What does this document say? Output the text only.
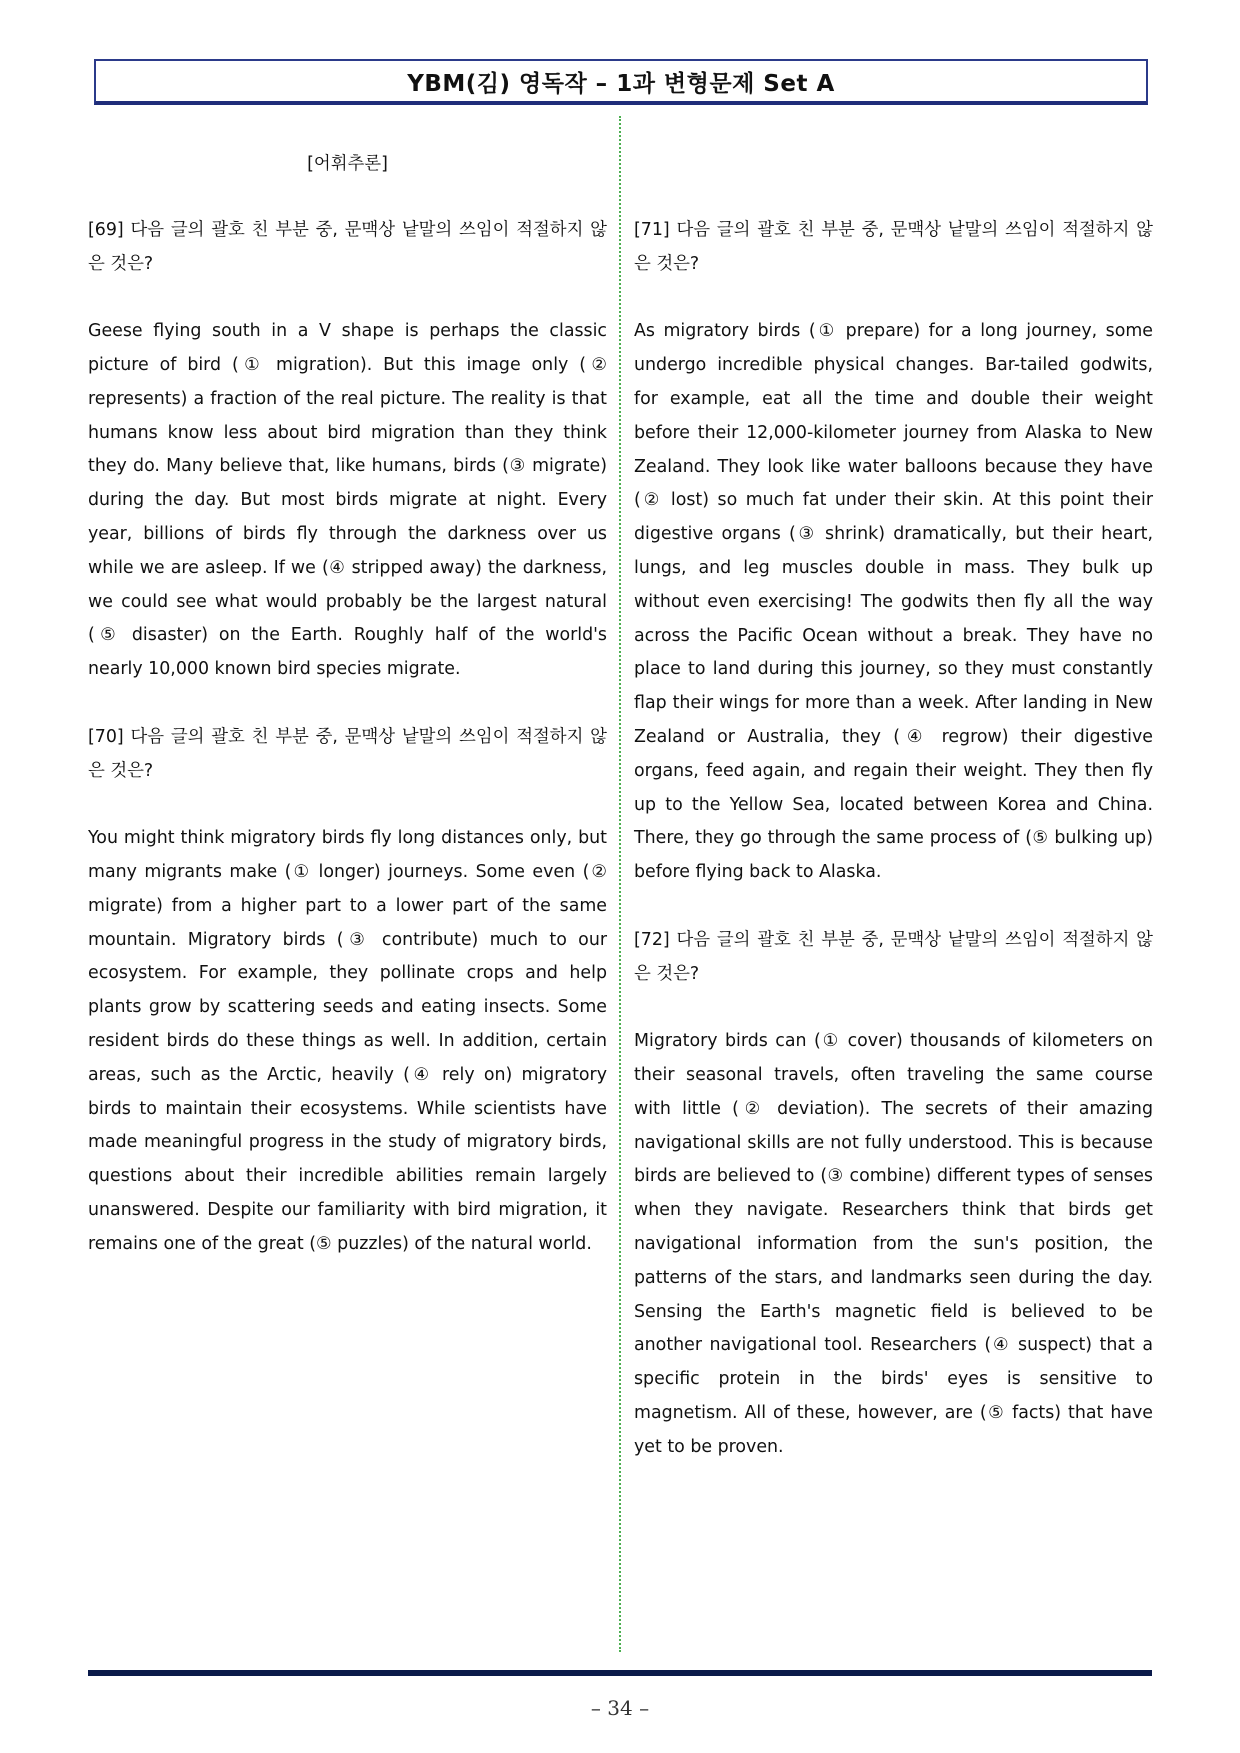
YBM(김) 영독작 – 1과 변형문제 Set A
[어휘추론]

[69] 다음 글의 괄호 친 부분 중, 문맥상 낱말의 쓰임이 적절하지 않은 것은?

Geese flying south in a V shape is perhaps the classic picture of bird (① migration). But this image only (② represents) a fraction of the real picture. The reality is that humans know less about bird migration than they think they do. Many believe that, like humans, birds (③ migrate) during the day. But most birds migrate at night. Every year, billions of birds fly through the darkness over us while we are asleep. If we (④ stripped away) the darkness, we could see what would probably be the largest natural (⑤ disaster) on the Earth. Roughly half of the world's nearly 10,000 known bird species migrate.

[70] 다음 글의 괄호 친 부분 중, 문맥상 낱말의 쓰임이 적절하지 않은 것은?

You might think migratory birds fly long distances only, but many migrants make (① longer) journeys. Some even (② migrate) from a higher part to a lower part of the same mountain. Migratory birds (③ contribute) much to our ecosystem. For example, they pollinate crops and help plants grow by scattering seeds and eating insects. Some resident birds do these things as well. In addition, certain areas, such as the Arctic, heavily (④ rely on) migratory birds to maintain their ecosystems. While scientists have made meaningful progress in the study of migratory birds, questions about their incredible abilities remain largely unanswered. Despite our familiarity with bird migration, it remains one of the great (⑤ puzzles) of the natural world.

[71] 다음 글의 괄호 친 부분 중, 문맥상 낱말의 쓰임이 적절하지 않은 것은?

As migratory birds (① prepare) for a long journey, some undergo incredible physical changes. Bar-tailed godwits, for example, eat all the time and double their weight before their 12,000-kilometer journey from Alaska to New Zealand. They look like water balloons because they have (② lost) so much fat under their skin. At this point their digestive organs (③ shrink) dramatically, but their heart, lungs, and leg muscles double in mass. They bulk up without even exercising! The godwits then fly all the way across the Pacific Ocean without a break. They have no place to land during this journey, so they must constantly flap their wings for more than a week. After landing in New Zealand or Australia, they (④ regrow) their digestive organs, feed again, and regain their weight. They then fly up to the Yellow Sea, located between Korea and China. There, they go through the same process of (⑤ bulking up) before flying back to Alaska.

[72] 다음 글의 괄호 친 부분 중, 문맥상 낱말의 쓰임이 적절하지 않은 것은?

Migratory birds can (① cover) thousands of kilometers on their seasonal travels, often traveling the same course with little (② deviation). The secrets of their amazing navigational skills are not fully understood. This is because birds are believed to (③ combine) different types of senses when they navigate. Researchers think that birds get navigational information from the sun's position, the patterns of the stars, and landmarks seen during the day. Sensing the Earth's magnetic field is believed to be another navigational tool. Researchers (④ suspect) that a specific protein in the birds' eyes is sensitive to magnetism. All of these, however, are (⑤ facts) that have yet to be proven.

– 34 –
